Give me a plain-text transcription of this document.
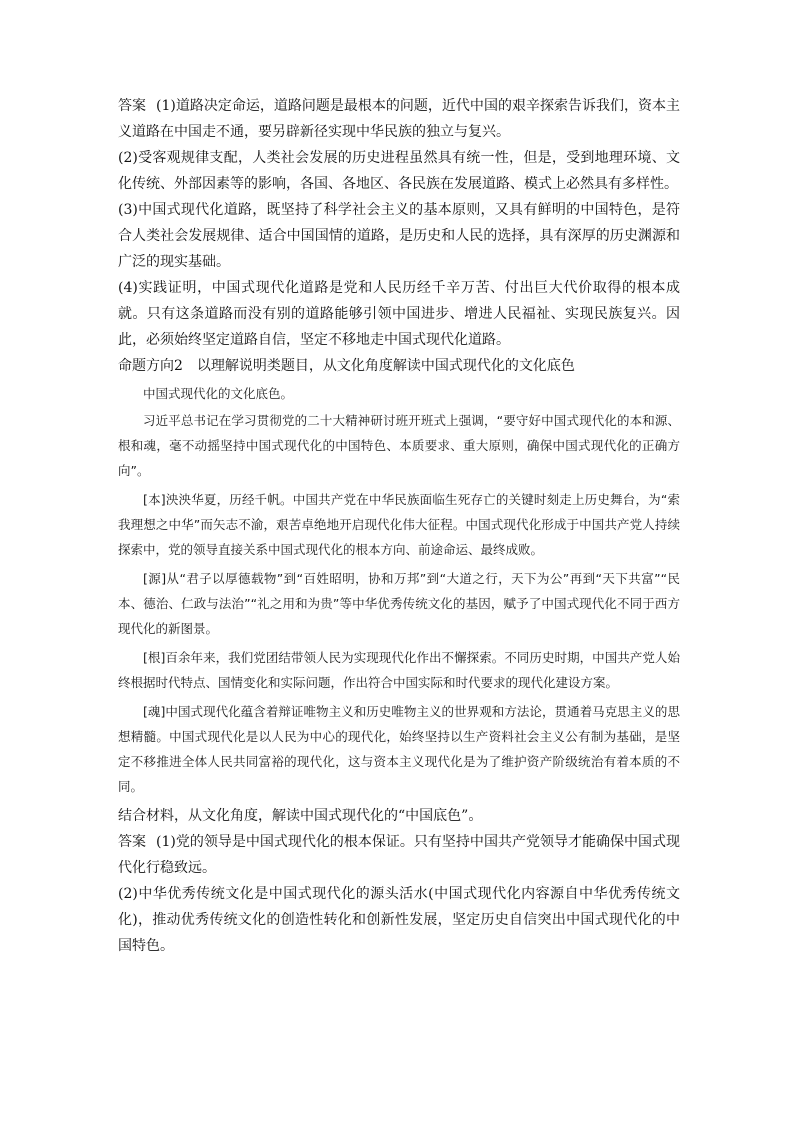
答案 (1)道路决定命运，道路问题是最根本的问题，近代中国的艰辛探索告诉我们，资本主义道路在中国走不通，要另辟新径实现中华民族的独立与复兴。

(2)受客观规律支配，人类社会发展的历史进程虽然具有统一性，但是，受到地理环境、文化传统、外部因素等的影响，各国、各地区、各民族在发展道路、模式上必然具有多样性。

(3)中国式现代化道路，既坚持了科学社会主义的基本原则，又具有鲜明的中国特色，是符合人类社会发展规律、适合中国国情的道路，是历史和人民的选择，具有深厚的历史渊源和广泛的现实基础。

(4)实践证明，中国式现代化道路是党和人民历经千辛万苦、付出巨大代价取得的根本成就。只有这条道路而没有别的道路能够引领中国进步、增进人民福祉、实现民族复兴。因此，必须始终坚定道路自信，坚定不移地走中国式现代化道路。

命题方向2　以理解说明类题目，从文化角度解读中国式现代化的文化底色

中国式现代化的文化底色。

习近平总书记在学习贯彻党的二十大精神研讨班开班式上强调，“要守好中国式现代化的本和源、根和魂，毫不动摇坚持中国式现代化的中国特色、本质要求、重大原则，确保中国式现代化的正确方向”。

[本]泱泱华夏，历经千帆。中国共产党在中华民族面临生死存亡的关键时刻走上历史舞台，为“索我理想之中华”而矢志不渝，艰苦卓绝地开启现代化伟大征程。中国式现代化形成于中国共产党人持续探索中，党的领导直接关系中国式现代化的根本方向、前途命运、最终成败。

[源]从“君子以厚德载物”到“百姓昭明，协和万邦”到“大道之行，天下为公”再到“天下共富”“民本、德治、仁政与法治”“礼之用和为贵”等中华优秀传统文化的基因，赋予了中国式现代化不同于西方现代化的新图景。

[根]百余年来，我们党团结带领人民为实现现代化作出不懈探索。不同历史时期，中国共产党人始终根据时代特点、国情变化和实际问题，作出符合中国实际和时代要求的现代化建设方案。

[魂]中国式现代化蕴含着辩证唯物主义和历史唯物主义的世界观和方法论，贯通着马克思主义的思想精髓。中国式现代化是以人民为中心的现代化，始终坚持以生产资料社会主义公有制为基础，是坚定不移推进全体人民共同富裕的现代化，这与资本主义现代化是为了维护资产阶级统治有着本质的不同。

结合材料，从文化角度，解读中国式现代化的“中国底色”。

答案 (1)党的领导是中国式现代化的根本保证。只有坚持中国共产党领导才能确保中国式现代化行稳致远。

(2)中华优秀传统文化是中国式现代化的源头活水(中国式现代化内容源自中华优秀传统文化)，推动优秀传统文化的创造性转化和创新性发展，坚定历史自信突出中国式现代化的中国特色。
